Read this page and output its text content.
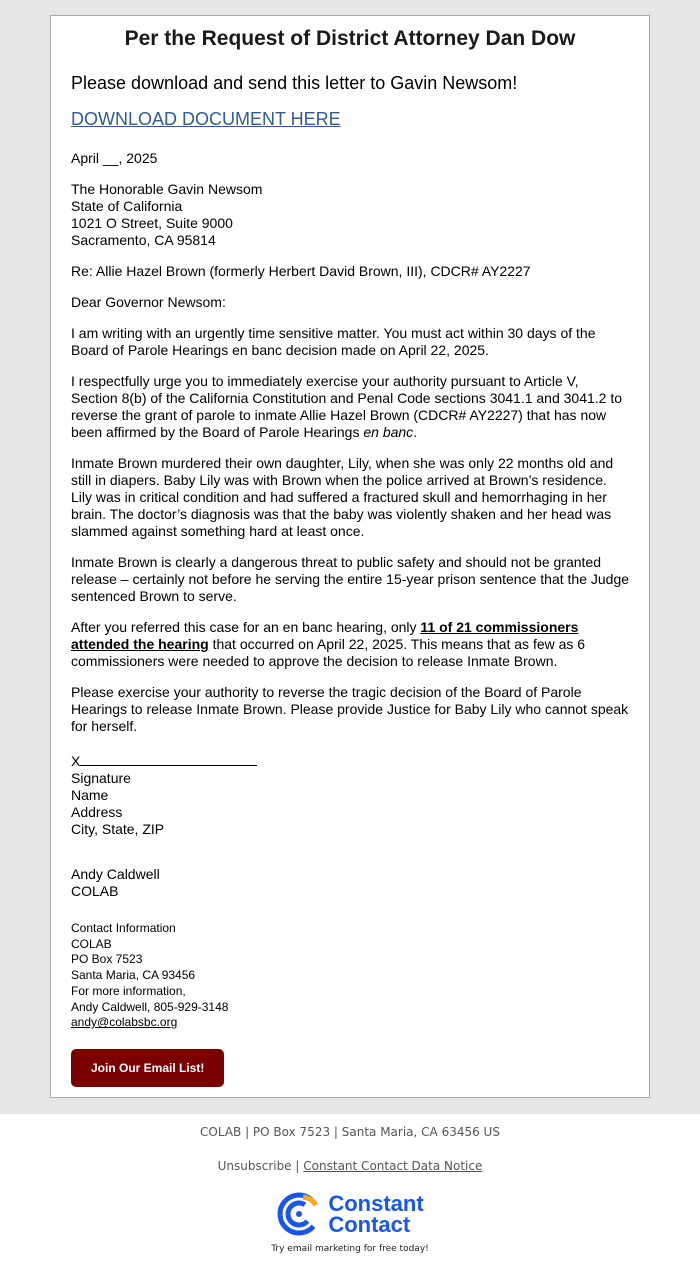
Per the Request of District Attorney Dan Dow

Please download and send this letter to Gavin Newsom!

DOWNLOAD DOCUMENT HERE

April __, 2025

The Honorable Gavin Newsom
State of California
1021 O Street, Suite 9000
Sacramento, CA 95814

Re: Allie Hazel Brown (formerly Herbert David Brown, III), CDCR# AY2227

Dear Governor Newsom:

I am writing with an urgently time sensitive matter. You must act within 30 days of the Board of Parole Hearings en banc decision made on April 22, 2025.

I respectfully urge you to immediately exercise your authority pursuant to Article V, Section 8(b) of the California Constitution and Penal Code sections 3041.1 and 3041.2 to reverse the grant of parole to inmate Allie Hazel Brown (CDCR# AY2227) that has now been affirmed by the Board of Parole Hearings en banc.

Inmate Brown murdered their own daughter, Lily, when she was only 22 months old and still in diapers. Baby Lily was with Brown when the police arrived at Brown’s residence. Lily was in critical condition and had suffered a fractured skull and hemorrhaging in her brain. The doctor’s diagnosis was that the baby was violently shaken and her head was slammed against something hard at least once.

Inmate Brown is clearly a dangerous threat to public safety and should not be granted release – certainly not before he serving the entire 15-year prison sentence that the Judge sentenced Brown to serve.

After you referred this case for an en banc hearing, only 11 of 21 commissioners attended the hearing that occurred on April 22, 2025. This means that as few as 6 commissioners were needed to approve the decision to release Inmate Brown.

Please exercise your authority to reverse the tragic decision of the Board of Parole Hearings to release Inmate Brown. Please provide Justice for Baby Lily who cannot speak for herself.

X
Signature
Name
Address
City, State, ZIP
Andy Caldwell
COLAB
Contact Information
COLAB
PO Box 7523
Santa Maria, CA 93456
For more information,
Andy Caldwell, 805-929-3148
andy@colabsbc.org
Join Our Email List!
COLAB | PO Box 7523 | Santa Maria, CA 63456 US
Unsubscribe | Constant Contact Data Notice
Constant
Contact
Try email marketing for free today!
